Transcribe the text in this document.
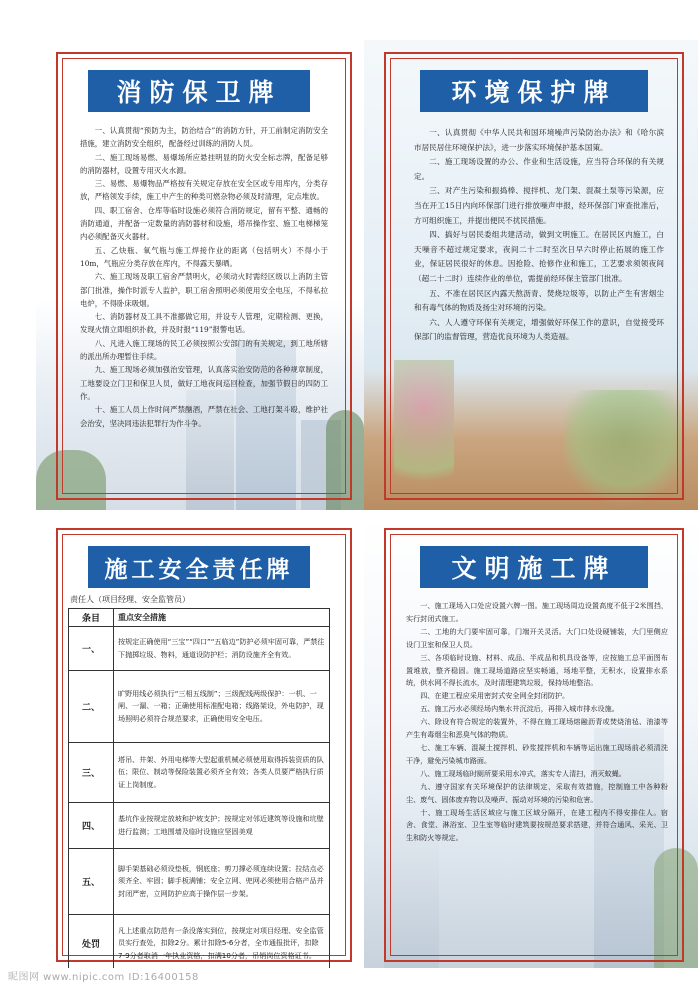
消防保卫牌

一、认真贯彻“预防为主，防治结合”的消防方针，开工前制定消防安全措施，建立消防安全组织，配备经过训练的消防人员。

二、施工现场易燃、易爆场所应悬挂明显的防火安全标志牌，配备足够的消防器材，设置专用灭火水源。

三、易燃、易爆物品严格按有关规定存放在安全区或专用库内，分类存放，严格领发手续，施工中产生的种类可燃杂物必须及时清理，定点堆放。

四、职工宿舍、仓库等临时设施必须符合消防规定，留有平整、通畅的消防通道，并配备一定数量的消防器材和设施，塔吊操作室、施工电梯梯笼内必须配备灭火器材。

五、乙炔瓶、氧气瓶与施工焊接作业的距离（包括明火）不得小于10m，气瓶应分类存放在库内，不得露天暴晒。

六、施工现场及职工宿舍严禁明火，必须动火时需经区级以上消防主管部门批准，操作时派专人监护，职工宿舍照明必须使用安全电压，不得私拉电炉，不得卧床吸烟。

七、消防器材及工具不准挪做它用，并设专人管理，定期检测、更换，发现火情立即组织扑救，并及时报“119”报警电话。

八、凡进入施工现场的民工必须按照公安部门的有关规定，到工地所辖的派出所办理暂住手续。

九、施工现场必须加强治安管理，认真落实治安防范的各种规章制度，工地要设立门卫和保卫人员，做好工地夜间巡回检查，加强节假日的四防工作。

十、施工人员上作时间严禁酗酒，严禁在社会、工地打架斗殴，维护社会治安，坚决同违法犯罪行为作斗争。

环境保护牌

一、认真贯彻《中华人民共和国环境噪声污染防治办法》和《哈尔滨市居民居住环境保护法》，进一步落实环境保护基本国策。

二、施工现场设置的办公、作业和生活设施，应当符合环保的有关规定。

三、对产生污染和振捣棒、搅拌机、龙门架、混凝土泵等污染源，应当在开工15日内向环保部门进行排放噪声申报，经环保部门审查批准后，方可组织施工，并提出便民不扰民措施。

四、搞好与居民委组共建活动，做到文明施工。在居民区内施工，白天噪音不超过规定要求，夜间二十二时至次日早六时停止拓展的施工作业，保证居民很好的休息。因抢险、抢修作业和施工，工艺要求须领夜间（超二十二时）连续作业的单位，需提前经环保主管部门批准。

五、不准在居民区内露天熬沥青、焚烧垃圾等，以防止产生有害烟尘和有毒气体的物质及扬尘对环境的污染。

六、人人遵守环保有关规定，增强做好环保工作的意识，自觉接受环保部门的监督管理，营造优良环境为人类造福。

施工安全责任牌
责任人（项目经理、安全监管员）
条目	重点安全措施
一、	按规定正确使用“三宝”“四口”“五临边”防护必须牢固可靠，严禁往下抛掷垃圾、物料，通道设防护栏；消防设施齐全有效。
二、	旷野用线必须执行“三相五线制”；三级配线两级保护：一机、一闸、一漏、一箱；正确使用标准配电箱；线路架设，外电防护，现场照明必须符合规范要求，正确使用安全电压。
三、	塔吊、井架、外用电梯等大型起重机械必须使用取得拆装资质的队伍；限位、制动等保险装置必须齐全有效；各类人员要严格执行质证上岗制度。
四、	基坑作业按规定放坡和护坡支护；按规定对邻近建筑等设施和坑壁进行监测；工地围墙及临时设施应坚固美观
五、	脚手架基础必须设垫板，钢底座；剪刀撑必须连续设置；拉结点必须齐全、牢固；脚手板满铺；安全立网、兜网必须使用合格产品并封闭严密，立网防护应高于操作层一步架。
处罚	凡上述重点防范有一条没落实到位，按规定对项目经理、安全监管员实行查处，扣除2分。累计扣除5-6分者，全市通报批评，扣除7-9分者取消一年执业资格，扣满10分者，吊销岗位资格证书。
文明施工牌

一、施工现场入口处应设置六牌一图。施工现场周边设置高度不低于2米围挡，实行封闭式施工。

二、工地的大门要牢固可靠，门端开关灵活。大门口处设硬铺装，大门里侧应设门卫室和保卫人员。

三、各项临时设施、材料、成品、半成品和机具设备等，应按施工总平面图布置堆放，整齐稳固。施工现场道路应坚实畅通，场地平整，无积水，设置排水系统，供水网不得长流水，及时清理建筑垃圾，保持场地整洁。

四、在建工程应采用密封式安全网全封闭防护。

五、施工污水必须经场内集水井沉淀后，再排入城市排水设施。

六、除设有符合规定的装置外，不得在施工现场熔融沥青或焚烧油毡、油漆等产生有毒烟尘和恶臭气体的物质。

七、施工车辆、混凝土搅拌机、砂浆搅拌机和车辆等运出施工现场前必须清洗干净，避免污染城市路面。

八、施工现场临时厕所要采用水冲式，落实专人清扫，消灭蚊蝇。

九、遵守国家有关环境保护的法律规定，采取有效措施，控制施工中各种粉尘、废气、固体废弃物以及噪声、振动对环境的污染和危害。

十、施工现场生活区域应与施工区域分隔开，在建工程内不得安排住人。宿舍、食堂、淋浴室、卫生室等临时建筑要按规范要求搭建，并符合通风、采光、卫生和防火等规定。

昵图网 www.nipic.com ID:16400158
